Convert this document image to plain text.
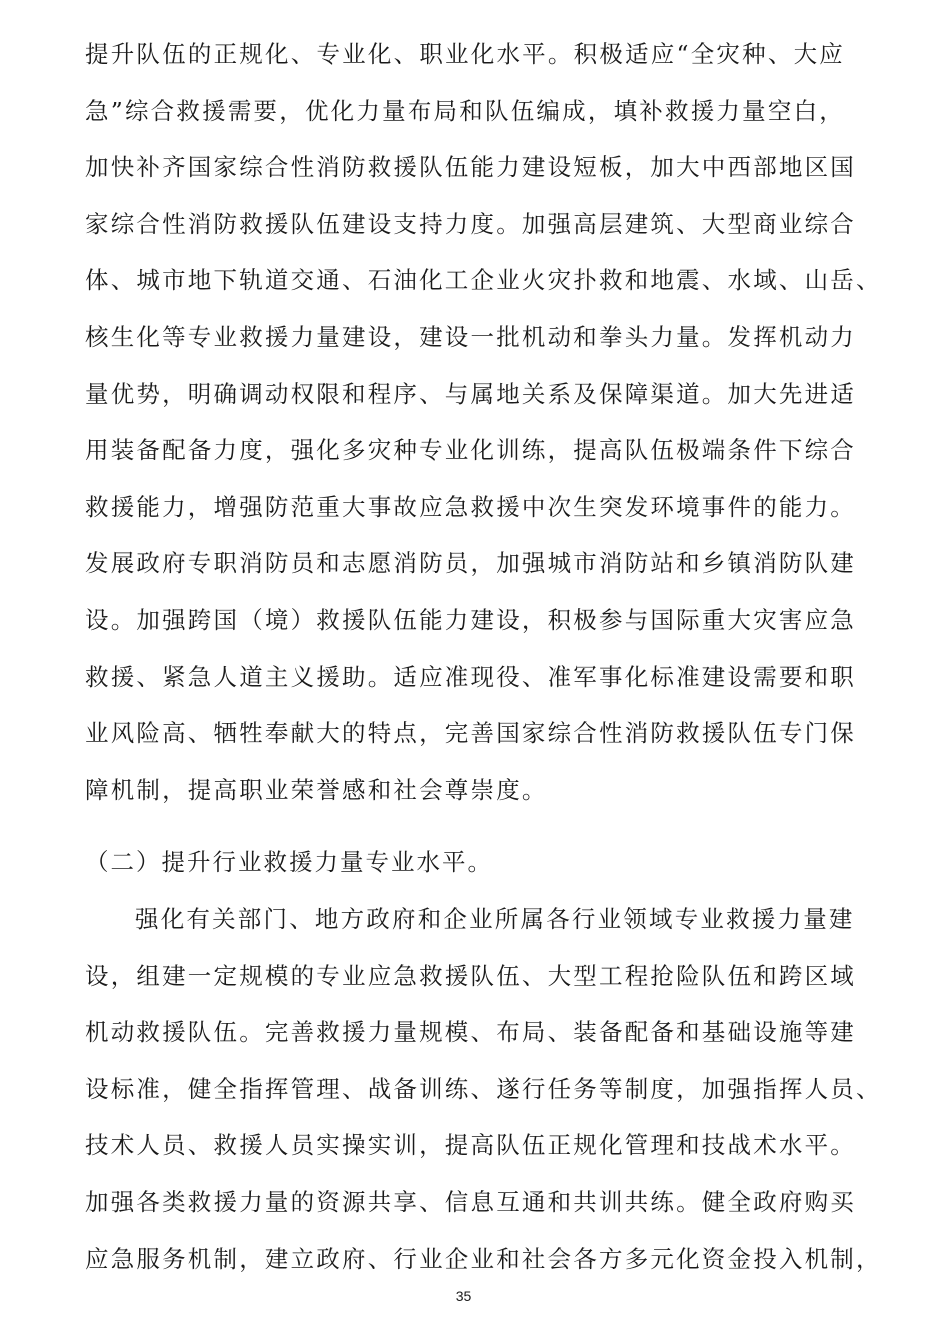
提升队伍的正规化、专业化、职业化水平。积极适应“全灾种、大应
急”综合救援需要，优化力量布局和队伍编成，填补救援力量空白，
加快补齐国家综合性消防救援队伍能力建设短板，加大中西部地区国
家综合性消防救援队伍建设支持力度。加强高层建筑、大型商业综合
体、城市地下轨道交通、石油化工企业火灾扑救和地震、水域、山岳、
核生化等专业救援力量建设，建设一批机动和拳头力量。发挥机动力
量优势，明确调动权限和程序、与属地关系及保障渠道。加大先进适
用装备配备力度，强化多灾种专业化训练，提高队伍极端条件下综合
救援能力，增强防范重大事故应急救援中次生突发环境事件的能力。
发展政府专职消防员和志愿消防员，加强城市消防站和乡镇消防队建
设。加强跨国（境）救援队伍能力建设，积极参与国际重大灾害应急
救援、紧急人道主义援助。适应准现役、准军事化标准建设需要和职
业风险高、牺牲奉献大的特点，完善国家综合性消防救援队伍专门保
障机制，提高职业荣誉感和社会尊崇度。
（二）提升行业救援力量专业水平。
强化有关部门、地方政府和企业所属各行业领域专业救援力量建
设，组建一定规模的专业应急救援队伍、大型工程抢险队伍和跨区域
机动救援队伍。完善救援力量规模、布局、装备配备和基础设施等建
设标准，健全指挥管理、战备训练、遂行任务等制度，加强指挥人员、
技术人员、救援人员实操实训，提高队伍正规化管理和技战术水平。
加强各类救援力量的资源共享、信息互通和共训共练。健全政府购买
应急服务机制，建立政府、行业企业和社会各方多元化资金投入机制，
35
